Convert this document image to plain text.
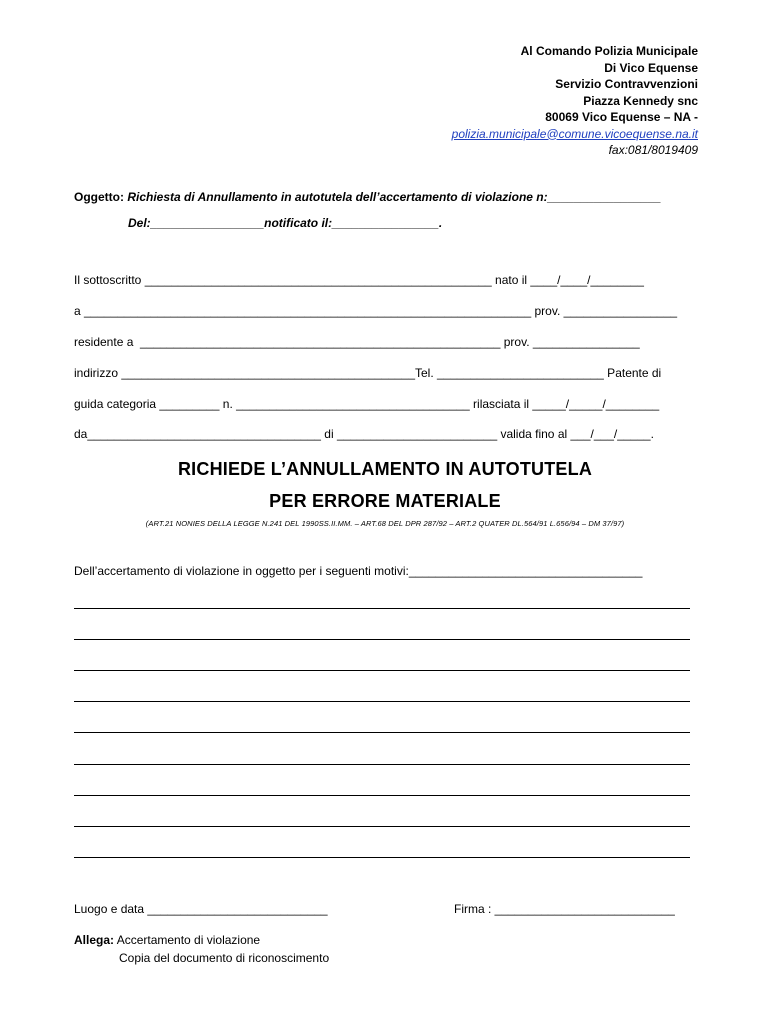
Al Comando Polizia Municipale
Di Vico Equense
Servizio Contravvenzioni
Piazza Kennedy snc
80069 Vico Equense – NA -
polizia.municipale@comune.vicoequense.na.it
fax:081/8019409
Oggetto: Richiesta di Annullamento in autotutela dell’accertamento di violazione n:_________________
Del:_________________notificato il:________________.
Il sottoscritto ____________________________________________________ nato il ____/____/________
a ___________________________________________________________________ prov. _________________
residente a  ______________________________________________________ prov. ________________
indirizzo ____________________________________________Tel. _________________________ Patente di
guida categoria _________ n. ___________________________________ rilasciata il _____/_____/________
da___________________________________ di ________________________ valida fino al ___/___/_____.
RICHIEDE L’ANNULLAMENTO IN AUTOTUTELA
PER ERRORE MATERIALE
(ART.21 NONIES DELLA LEGGE N.241 DEL 1990SS.II.MM. – ART.68 DEL DPR 287/92 – ART.2 QUATER DL.564/91 L.656/94 – DM 37/97)
Dell’accertamento di violazione in oggetto per i seguenti motivi:___________________________________
Luogo e data ___________________________	Firma : ___________________________
Allega: Accertamento di violazione
Copia del documento di riconoscimento
